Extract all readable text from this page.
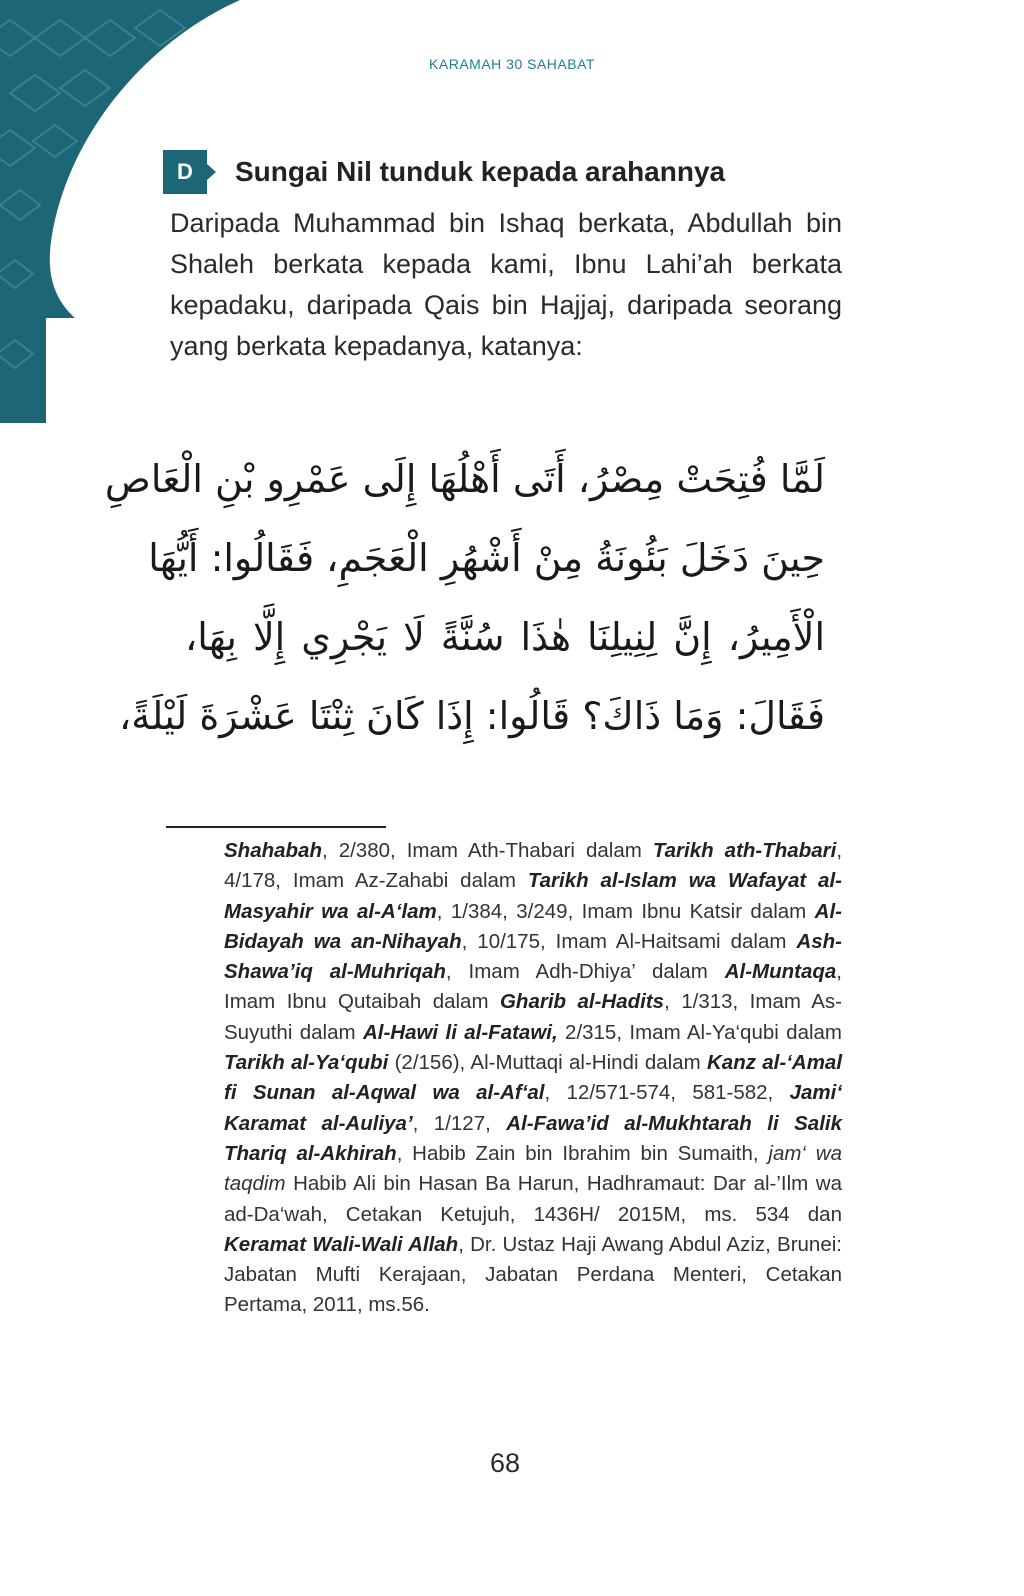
KARAMAH 30 SAHABAT
D Sungai Nil tunduk kepada arahannya
Daripada Muhammad bin Ishaq berkata, Abdullah bin Shaleh berkata kepada kami, Ibnu Lahi’ah berkata kepadaku, daripada Qais bin Hajjaj, daripada seorang yang berkata kepadanya, katanya:
لَمَّا فُتِحَتْ مِصْرُ، أَتَى أَهْلُهَا إِلَى عَمْرِو بْنِ الْعَاصِ
حِينَ دَخَلَ بَئُونَةُ مِنْ أَشْهُرِ الْعَجَمِ، فَقَالُوا: أَيُّهَا
الْأَمِيرُ، إِنَّ لِنِيلِنَا هٰذَا سُنَّةً لَا يَجْرِي إِلَّا بِهَا،
فَقَالَ: وَمَا ذَاكَ؟ قَالُوا: إِذَا كَانَ ثِنْتَا عَشْرَةَ لَيْلَةً،
Shahabah, 2/380, Imam Ath-Thabari dalam Tarikh ath-Thabari, 4/178, Imam Az-Zahabi dalam Tarikh al-Islam wa Wafayat al-Masyahir wa al-A‘lam, 1/384, 3/249, Imam Ibnu Katsir dalam Al-Bidayah wa an-Nihayah, 10/175, Imam Al-Haitsami dalam Ash-Shawa’iq al-Muhriqah, Imam Adh-Dhiya’ dalam Al-Muntaqa, Imam Ibnu Qutaibah dalam Gharib al-Hadits, 1/313, Imam As-Suyuthi dalam Al-Hawi li al-Fatawi, 2/315, Imam Al-Ya‘qubi dalam Tarikh al-Ya‘qubi (2/156), Al-Muttaqi al-Hindi dalam Kanz al-‘Amal fi Sunan al-Aqwal wa al-Af‘al, 12/571-574, 581-582, Jami‘ Karamat al-Auliya’, 1/127, Al-Fawa’id al-Mukhtarah li Salik Thariq al-Akhirah, Habib Zain bin Ibrahim bin Sumaith, jam‘ wa taqdim Habib Ali bin Hasan Ba Harun, Hadhramaut: Dar al-’Ilm wa ad-Da‘wah, Cetakan Ketujuh, 1436H/ 2015M, ms. 534 dan Keramat Wali-Wali Allah, Dr. Ustaz Haji Awang Abdul Aziz, Brunei: Jabatan Mufti Kerajaan, Jabatan Perdana Menteri, Cetakan Pertama, 2011, ms.56.
68
